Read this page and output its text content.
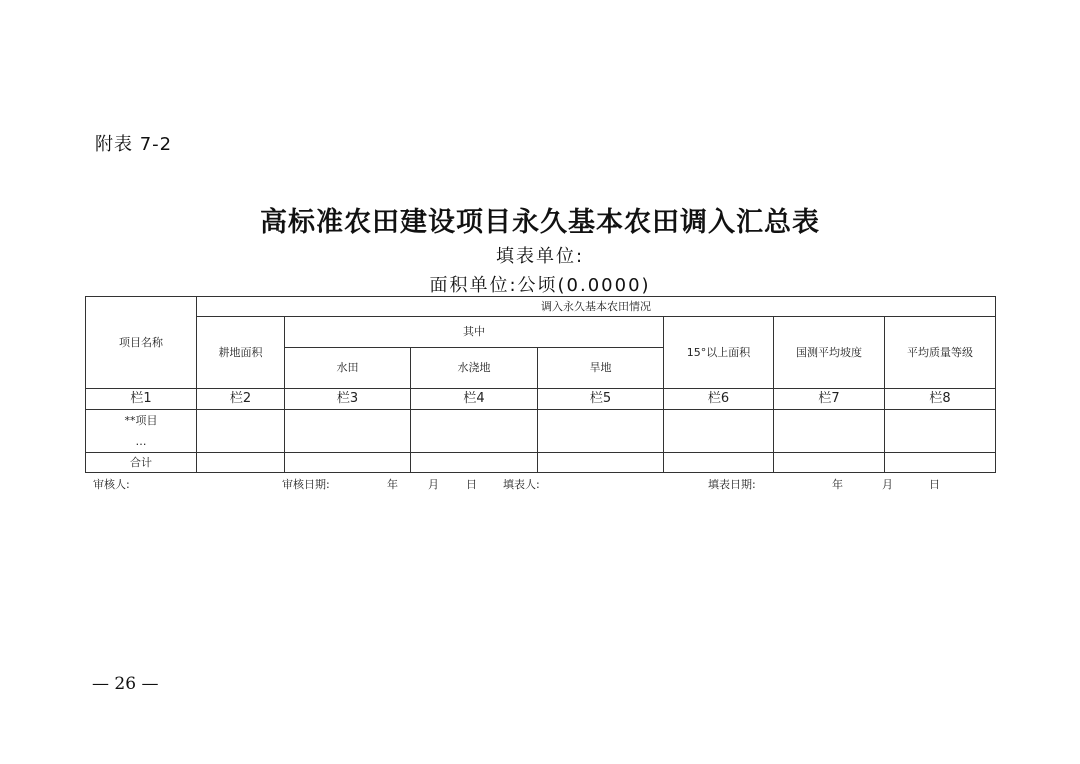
附表 7-2
高标准农田建设项目永久基本农田调入汇总表
填表单位:
面积单位:公顷(0.0000)
项目名称	调入永久基本农田情况						
	耕地面积	其中			15°以上面积	国测平均坡度	平均质量等级
		水田	水浇地	旱地			
栏1	栏2	栏3	栏4	栏5	栏6	栏7	栏8

**项目
…							

合计							
审核人:	审核日期:	年	月 日 填表人:	填表日期:	年	月	日
— 26 —
